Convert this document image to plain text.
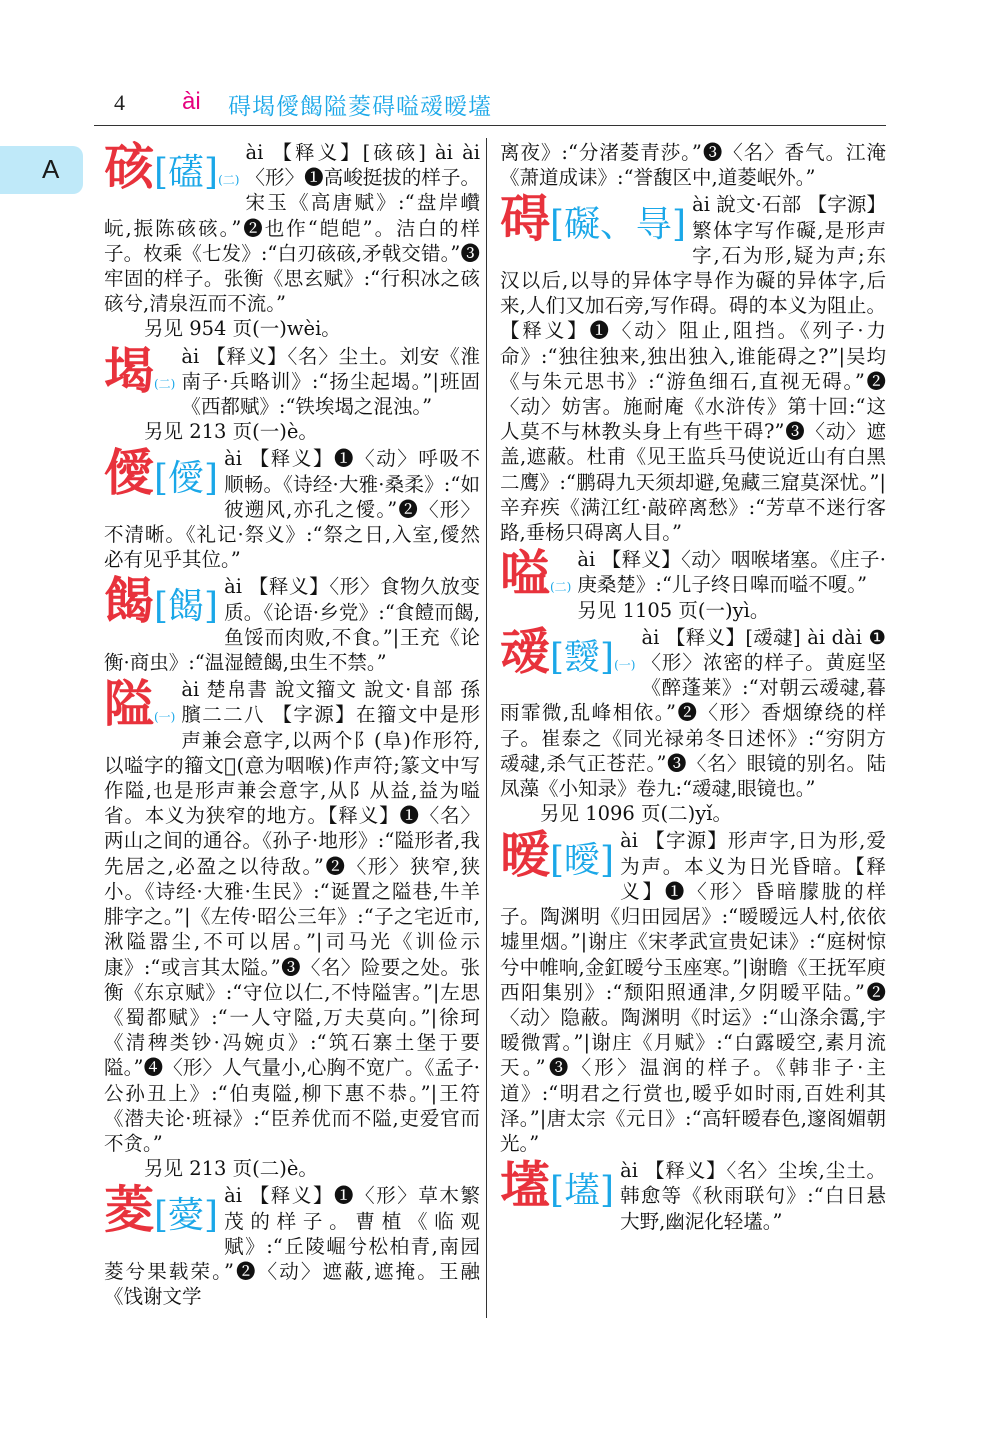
4 ài 碍堨僾餲隘菱碍嗌叆暧壒
A 硋[礚](二)
ài 【释义】[硋硋] ài ài〈形〉❶高峻挺拔的样子。宋玉《高唐赋》:“盘岸巑岏,振陈硋硋。”❷也作“皑皑”。洁白的样子。枚乘《七发》:“白刃硋硋,矛戟交错。”❸牢固的样子。张衡《思玄赋》:“行积冰之硋硋兮,清泉沍而不流。”
另见 954 页(一)wèi。
堨(二)
ài 【释义】〈名〉尘土。刘安《淮南子·兵略训》:“扬尘起堨。”|班固《西都赋》:“铁埃堨之混浊。”
另见 213 页(一)è。
僾[僾] ài 【释义】❶〈动〉呼吸不顺畅。《诗经·大雅·桑柔》:“如彼遡风,亦孔之僾。”❷〈形〉不清晰。《礼记·祭义》:“祭之日,入室,僾然必有见乎其位。”
餲[餲] ài 【释义】〈形〉食物久放变质。《论语·乡党》:“食饐而餲,鱼馁而肉败,不食。”|王充《论衡·商虫》:“温湿饐餲,虫生不禁。”
隘(一)
ài 楚帛書 說文籀文 說文·𨸏部 孫臏二二八 【字源】在籀文中是形声兼会意字,以两个阝(阜)作形符,以嗌字的籀文𦗻(意为咽喉)作声符;篆文中写作隘,也是形声兼会意字,从阝从益,益为嗌省。本义为狭窄的地方。【释义】❶〈名〉两山之间的通谷。《孙子·地形》:“隘形者,我先居之,必盈之以待敌。”❷〈形〉狭窄,狭小。《诗经·大雅·生民》:“诞置之隘巷,牛羊腓字之。”|《左传·昭公三年》:“子之宅近市,湫隘嚣尘,不可以居。”|司马光《训俭示康》:“或言其太隘。”❸〈名〉险要之处。张衡《东京赋》:“守位以仁,不恃隘害。”|左思《蜀都赋》:“一人守隘,万夫莫向。”|徐珂《清稗类钞·冯婉贞》:“筑石寨土堡于要隘。”❹〈形〉人气量小,心胸不宽广。《孟子·公孙丑上》:“伯夷隘,柳下惠不恭。”|王符《潜夫论·班禄》:“臣养优而不隘,吏爱官而不贪。”
另见 213 页(二)è。
菱[薆] ài 【释义】❶〈形〉草木繁茂的样子。曹植《临观赋》:“丘陵崛兮松柏青,南园菱兮果载荣。”❷〈动〉遮蔽,遮掩。王融《饯谢文学
离夜》:“分渚菱青莎。”❸〈名〉香气。江淹《萧道成诔》:“誉馥区中,道菱岷外。”
碍[礙、㝵] ài 說文·石部 【字源】繁体字写作礙,是形声字,石为形,疑为声;东汉以后,以㝵的异体字㝵作为礙的异体字,后来,人们又加石旁,写作碍。碍的本义为阻止。【释义】❶〈动〉阻止,阻挡。《列子·力命》:“独往独来,独出独入,谁能碍之?”|吴均《与朱元思书》:“游鱼细石,直视无碍。”❷〈动〉妨害。施耐庵《水浒传》第十回:“这人莫不与林教头身上有些干碍?”❸〈动〉遮盖,遮蔽。杜甫《见王监兵马使说近山有白黑二鹰》:“鹏碍九天须却避,兔藏三窟莫深忧。”|辛弃疾《满江红·敲碎离愁》:“芳草不迷行客路,垂杨只碍离人目。”
嗌(二)
ài 【释义】〈动〉咽喉堵塞。《庄子·庚桑楚》:“儿子终日嗥而嗌不嗄。”
另见 1105 页(一)yì。
叆[靉](一)
ài 【释义】[叆叇] ài dài ❶〈形〉浓密的样子。黄庭坚《醉蓬莱》:“对朝云叆叇,暮雨霏微,乱峰相依。”❷〈形〉香烟缭绕的样子。崔泰之《同光禄弟冬日述怀》:“穷阴方叆叇,杀气正苍茫。”❸〈名〉眼镜的别名。陆凤藻《小知录》卷九:“叆叇,眼镜也。”
另见 1096 页(二)yǐ。
暧[曖] ài 【字源】形声字,日为形,爱为声。本义为日光昏暗。【释义】❶〈形〉昏暗朦胧的样子。陶渊明《归田园居》:“暧暧远人村,依依墟里烟。”|谢庄《宋孝武宣贵妃诔》:“庭树惊兮中帷响,金釭暧兮玉座寒。”|谢瞻《王抚军庾西阳集别》:“颓阳照通津,夕阴暧平陆。”❷〈动〉隐蔽。陶渊明《时运》:“山涤余霭,宇暧微霄。”|谢庄《月赋》:“白露暧空,素月流天。”❸〈形〉温润的样子。《韩非子·主道》:“明君之行赏也,暧乎如时雨,百姓利其泽。”|唐太宗《元日》:“高轩暧春色,邃阁媚朝光。”
壒[壒] ài 【释义】〈名〉尘埃,尘土。韩愈等《秋雨联句》:“白日悬大野,幽泥化轻壒。”
